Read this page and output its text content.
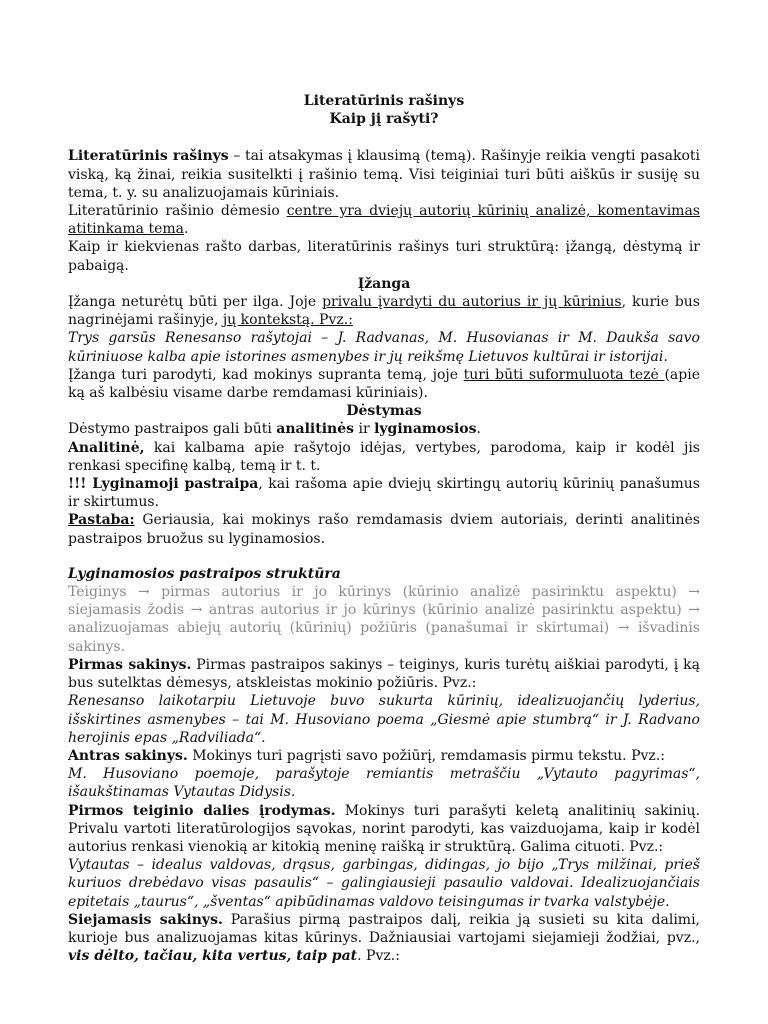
Literatūrinis rašinys

Kaip jį rašyti?

Literatūrinis rašinys – tai atsakymas į klausimą (temą). Rašinyje reikia vengti pasakoti viską, ką žinai, reikia susitelkti į rašinio temą. Visi teiginiai turi būti aiškūs ir susiję su tema, t. y. su analizuojamais kūriniais.

Literatūrinio rašinio dėmesio centre yra dviejų autorių kūrinių analizė, komentavimas atitinkama tema.

Kaip ir kiekvienas rašto darbas, literatūrinis rašinys turi struktūrą: įžangą, dėstymą ir pabaigą.

Įžanga

Įžanga neturėtų būti per ilga. Joje privalu įvardyti du autorius ir jų kūrinius, kurie bus nagrinėjami rašinyje, jų kontekstą. Pvz.:

Trys garsūs Renesanso rašytojai – J. Radvanas, M. Husovianas ir M. Daukša savo kūriniuose kalba apie istorines asmenybes ir jų reikšmę Lietuvos kultūrai ir istorijai.

Įžanga turi parodyti, kad mokinys supranta temą, joje turi būti suformuluota tezė (apie ką aš kalbėsiu visame darbe remdamasi kūriniais).

Dėstymas

Dėstymo pastraipos gali būti analitinės ir lyginamosios.

Analitinė, kai kalbama apie rašytojo idėjas, vertybes, parodoma, kaip ir kodėl jis renkasi specifinę kalbą, temą ir t. t.

!!! Lyginamoji pastraipa, kai rašoma apie dviejų skirtingų autorių kūrinių panašumus ir skirtumus.

Pastaba: Geriausia, kai mokinys rašo remdamasis dviem autoriais, derinti analitinės pastraipos bruožus su lyginamosios.

Lyginamosios pastraipos struktūra

Teiginys → pirmas autorius ir jo kūrinys (kūrinio analizė pasirinktu aspektu) → siejamasis žodis → antras autorius ir jo kūrinys (kūrinio analizė pasirinktu aspektu) → analizuojamas abiejų autorių (kūrinių) požiūris (panašumai ir skirtumai) → išvadinis sakinys.

Pirmas sakinys. Pirmas pastraipos sakinys – teiginys, kuris turėtų aiškiai parodyti, į ką bus sutelktas dėmesys, atskleistas mokinio požiūris. Pvz.:

Renesanso laikotarpiu Lietuvoje buvo sukurta kūrinių, idealizuojančių lyderius, išskirtines asmenybes – tai M. Husoviano poema „Giesmė apie stumbrą“ ir J. Radvano herojinis epas „Radviliada“.

Antras sakinys. Mokinys turi pagrįsti savo požiūrį, remdamasis pirmu tekstu. Pvz.:

M. Husoviano poemoje, parašytoje remiantis metraščiu „Vytauto pagyrimas“, išaukštinamas Vytautas Didysis.

Pirmos teiginio dalies įrodymas. Mokinys turi parašyti keletą analitinių sakinių. Privalu vartoti literatūrologijos sąvokas, norint parodyti, kas vaizduojama, kaip ir kodėl autorius renkasi vienokią ar kitokią meninę raišką ir struktūrą. Galima cituoti. Pvz.:

Vytautas – idealus valdovas, drąsus, garbingas, didingas, jo bijo „Trys milžinai, prieš kuriuos drebėdavo visas pasaulis“ – galingiausieji pasaulio valdovai. Idealizuojančiais epitetais „taurus“, „šventas“ apibūdinamas valdovo teisingumas ir tvarka valstybėje.

Siejamasis sakinys. Parašius pirmą pastraipos dalį, reikia ją susieti su kita dalimi, kurioje bus analizuojamas kitas kūrinys. Dažniausiai vartojami siejamieji žodžiai, pvz., vis dėlto, tačiau, kita vertus, taip pat. Pvz.:
